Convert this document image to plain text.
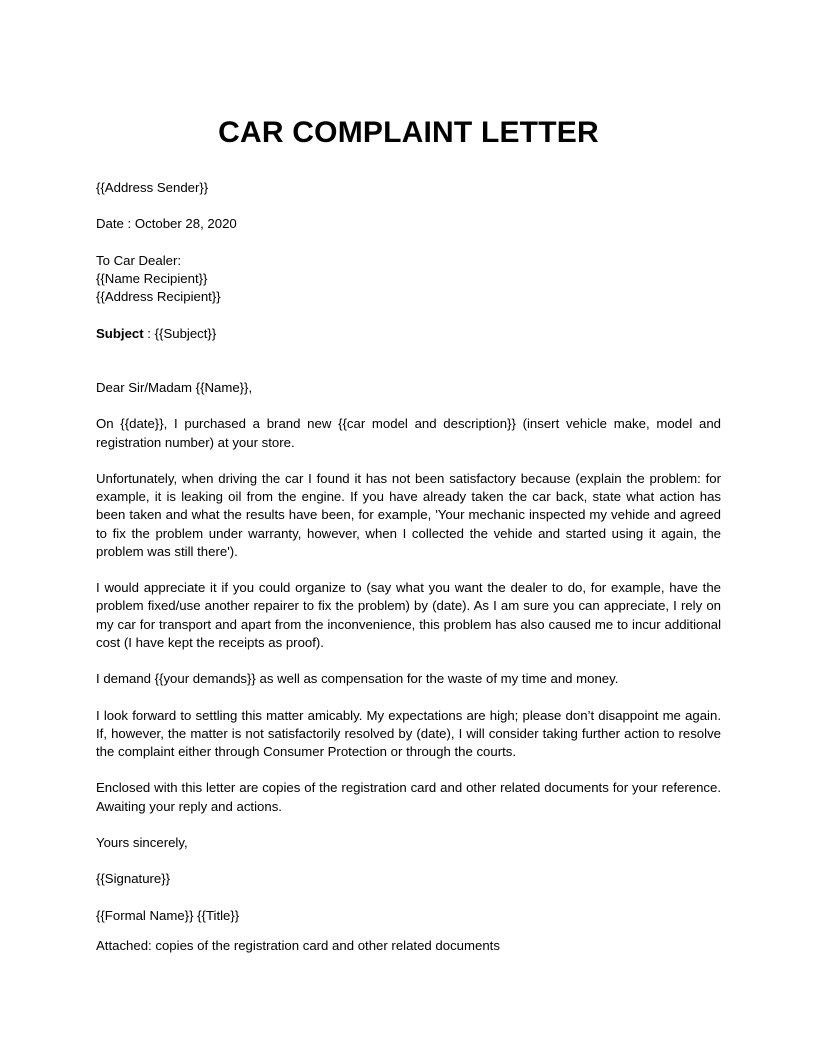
CAR COMPLAINT LETTER

{{Address Sender}}

Date : October 28, 2020

To Car Dealer:
{{Name Recipient}}
{{Address Recipient}}

Subject : {{Subject}}

Dear Sir/Madam {{Name}},

On {{date}}, I purchased a brand new {{car model and description}} (insert vehicle make, model and registration number) at your store.

Unfortunately, when driving the car I found it has not been satisfactory because (explain the problem: for example, it is leaking oil from the engine. If you have already taken the car back, state what action has been taken and what the results have been, for example, 'Your mechanic inspected my vehide and agreed to fix the problem under warranty, however, when I collected the vehide and started using it again, the problem was still there').

I would appreciate it if you could organize to (say what you want the dealer to do, for example, have the problem fixed/use another repairer to fix the problem) by (date). As I am sure you can appreciate, I rely on my car for transport and apart from the inconvenience, this problem has also caused me to incur additional cost (I have kept the receipts as proof).

I demand {{your demands}} as well as compensation for the waste of my time and money.

I look forward to settling this matter amicably. My expectations are high; please don’t disappoint me again. If, however, the matter is not satisfactorily resolved by (date), I will consider taking further action to resolve the complaint either through Consumer Protection or through the courts.

Enclosed with this letter are copies of the registration card and other related documents for your reference. Awaiting your reply and actions.

Yours sincerely,

{{Signature}}

{{Formal Name}} {{Title}}

Attached: copies of the registration card and other related documents
